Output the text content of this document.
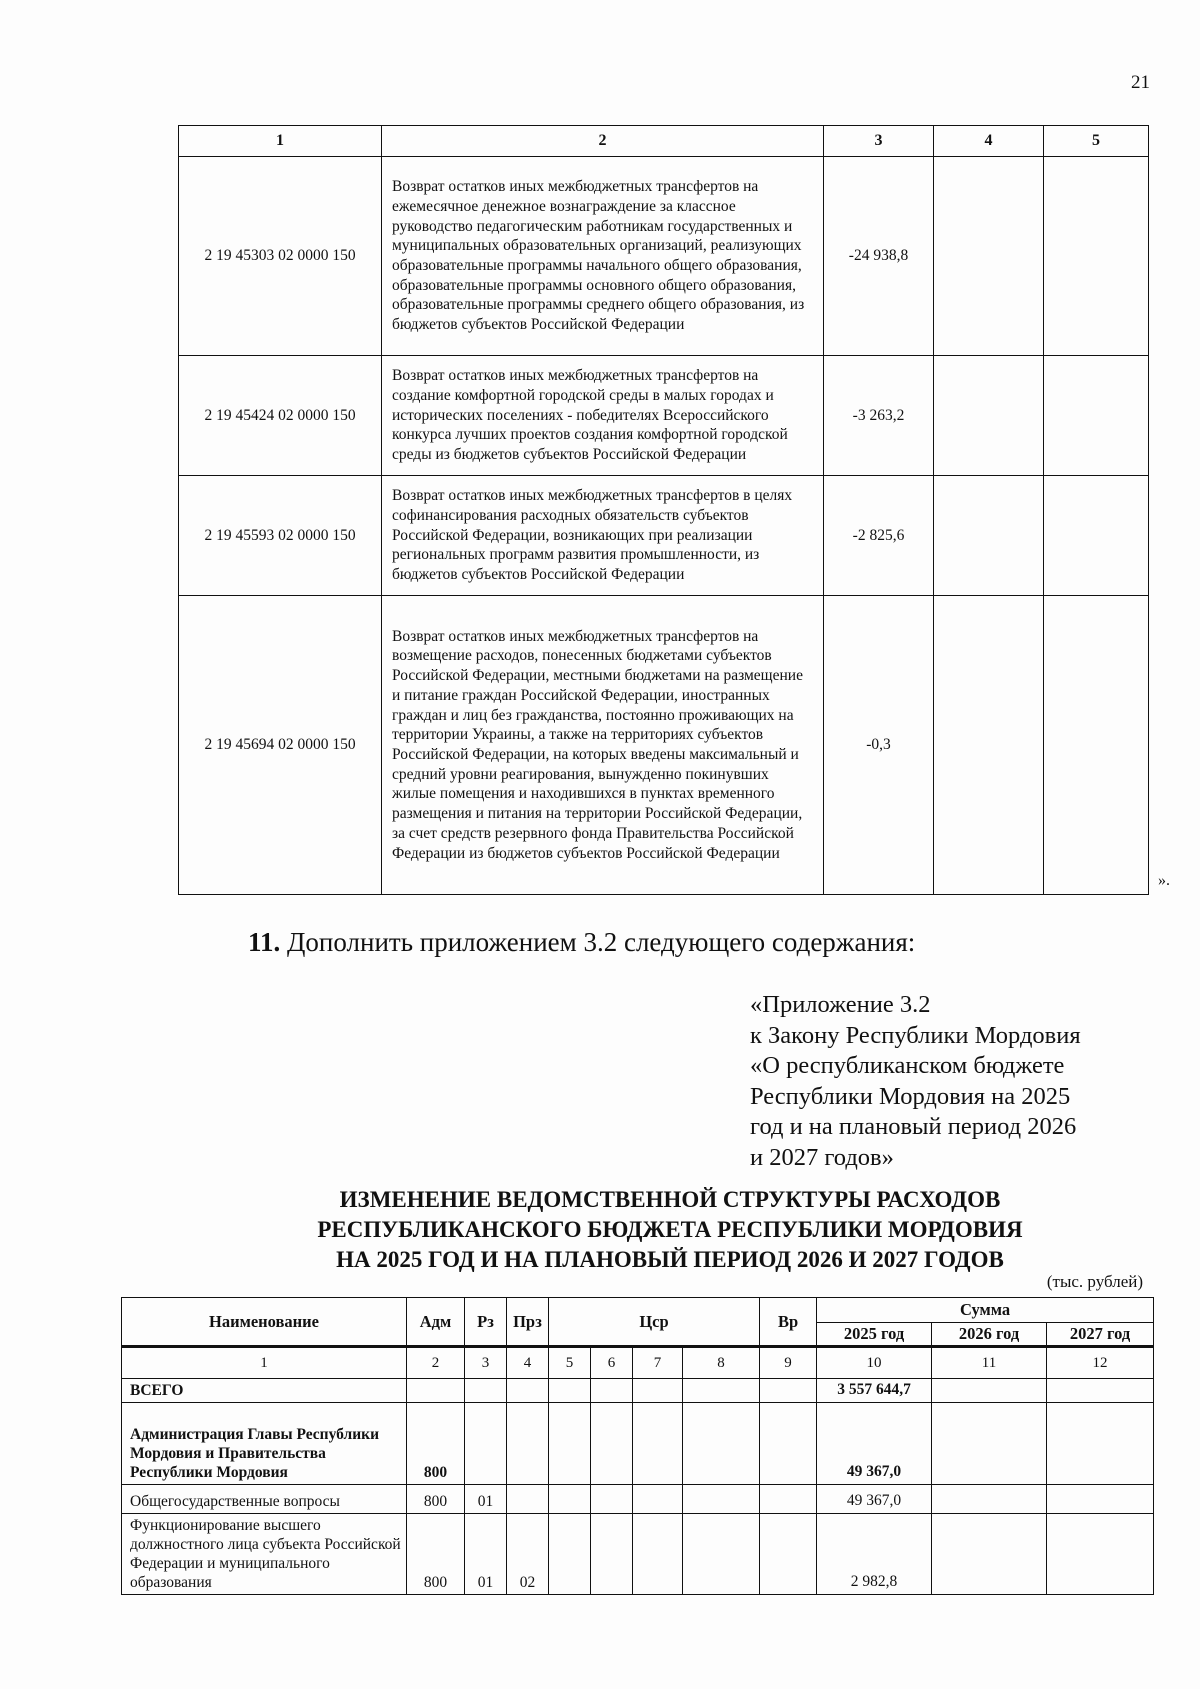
21
1	2	3	4	5
2 19 45303 02 0000 150	Возврат остатков иных межбюджетных трансфертов на ежемесячное денежное вознаграждение за классное руководство педагогическим работникам государственных и муниципальных образовательных организаций, реализующих образовательные программы начального общего образования, образовательные программы основного общего образования, образовательные программы среднего общего образования, из бюджетов субъектов Российской Федерации	-24 938,8		
2 19 45424 02 0000 150	Возврат остатков иных межбюджетных трансфертов на создание комфортной городской среды в малых городах и исторических поселениях - победителях Всероссийского конкурса лучших проектов создания комфортной городской среды из бюджетов субъектов Российской Федерации	-3 263,2		
2 19 45593 02 0000 150	Возврат остатков иных межбюджетных трансфертов в целях софинансирования расходных обязательств субъектов Российской Федерации, возникающих при реализации региональных программ развития промышленности, из бюджетов субъектов Российской Федерации	-2 825,6		
2 19 45694 02 0000 150	Возврат остатков иных межбюджетных трансфертов на возмещение расходов, понесенных бюджетами субъектов Российской Федерации, местными бюджетами на размещение и питание граждан Российской Федерации, иностранных граждан и лиц без гражданства, постоянно проживающих на территории Украины, а также на территориях субъектов Российской Федерации, на которых введены максимальный и средний уровни реагирования, вынужденно покинувших жилые помещения и находившихся в пунктах временного размещения и питания на территории Российской Федерации, за счет средств резервного фонда Правительства Российской Федерации из бюджетов субъектов Российской Федерации	-0,3		
».
11. Дополнить приложением 3.2 следующего содержания:
«Приложение 3.2
к Закону Республики Мордовия
«О республиканском бюджете
Республики Мордовия на 2025
год и на плановый период 2026
и 2027 годов»
ИЗМЕНЕНИЕ ВЕДОМСТВЕННОЙ СТРУКТУРЫ РАСХОДОВ
РЕСПУБЛИКАНСКОГО БЮДЖЕТА РЕСПУБЛИКИ МОРДОВИЯ
НА 2025 ГОД И НА ПЛАНОВЫЙ ПЕРИОД 2026 И 2027 ГОДОВ
(тыс. рублей)
Наименование	Адм	Рз	Прз	Цср				Вр	Сумма		
									2025 год	2026 год	2027 год
1	2	3	4	5	6	7	8	9	10	11	12
ВСЕГО									3 557 644,7		
Администрация Главы Республики Мордовия и Правительства Республики Мордовия	800								49 367,0		
Общегосударственные вопросы	800	01							49 367,0		
Функционирование высшего должностного лица субъекта Российской Федерации и муниципального образования	800	01	02						2 982,8		
